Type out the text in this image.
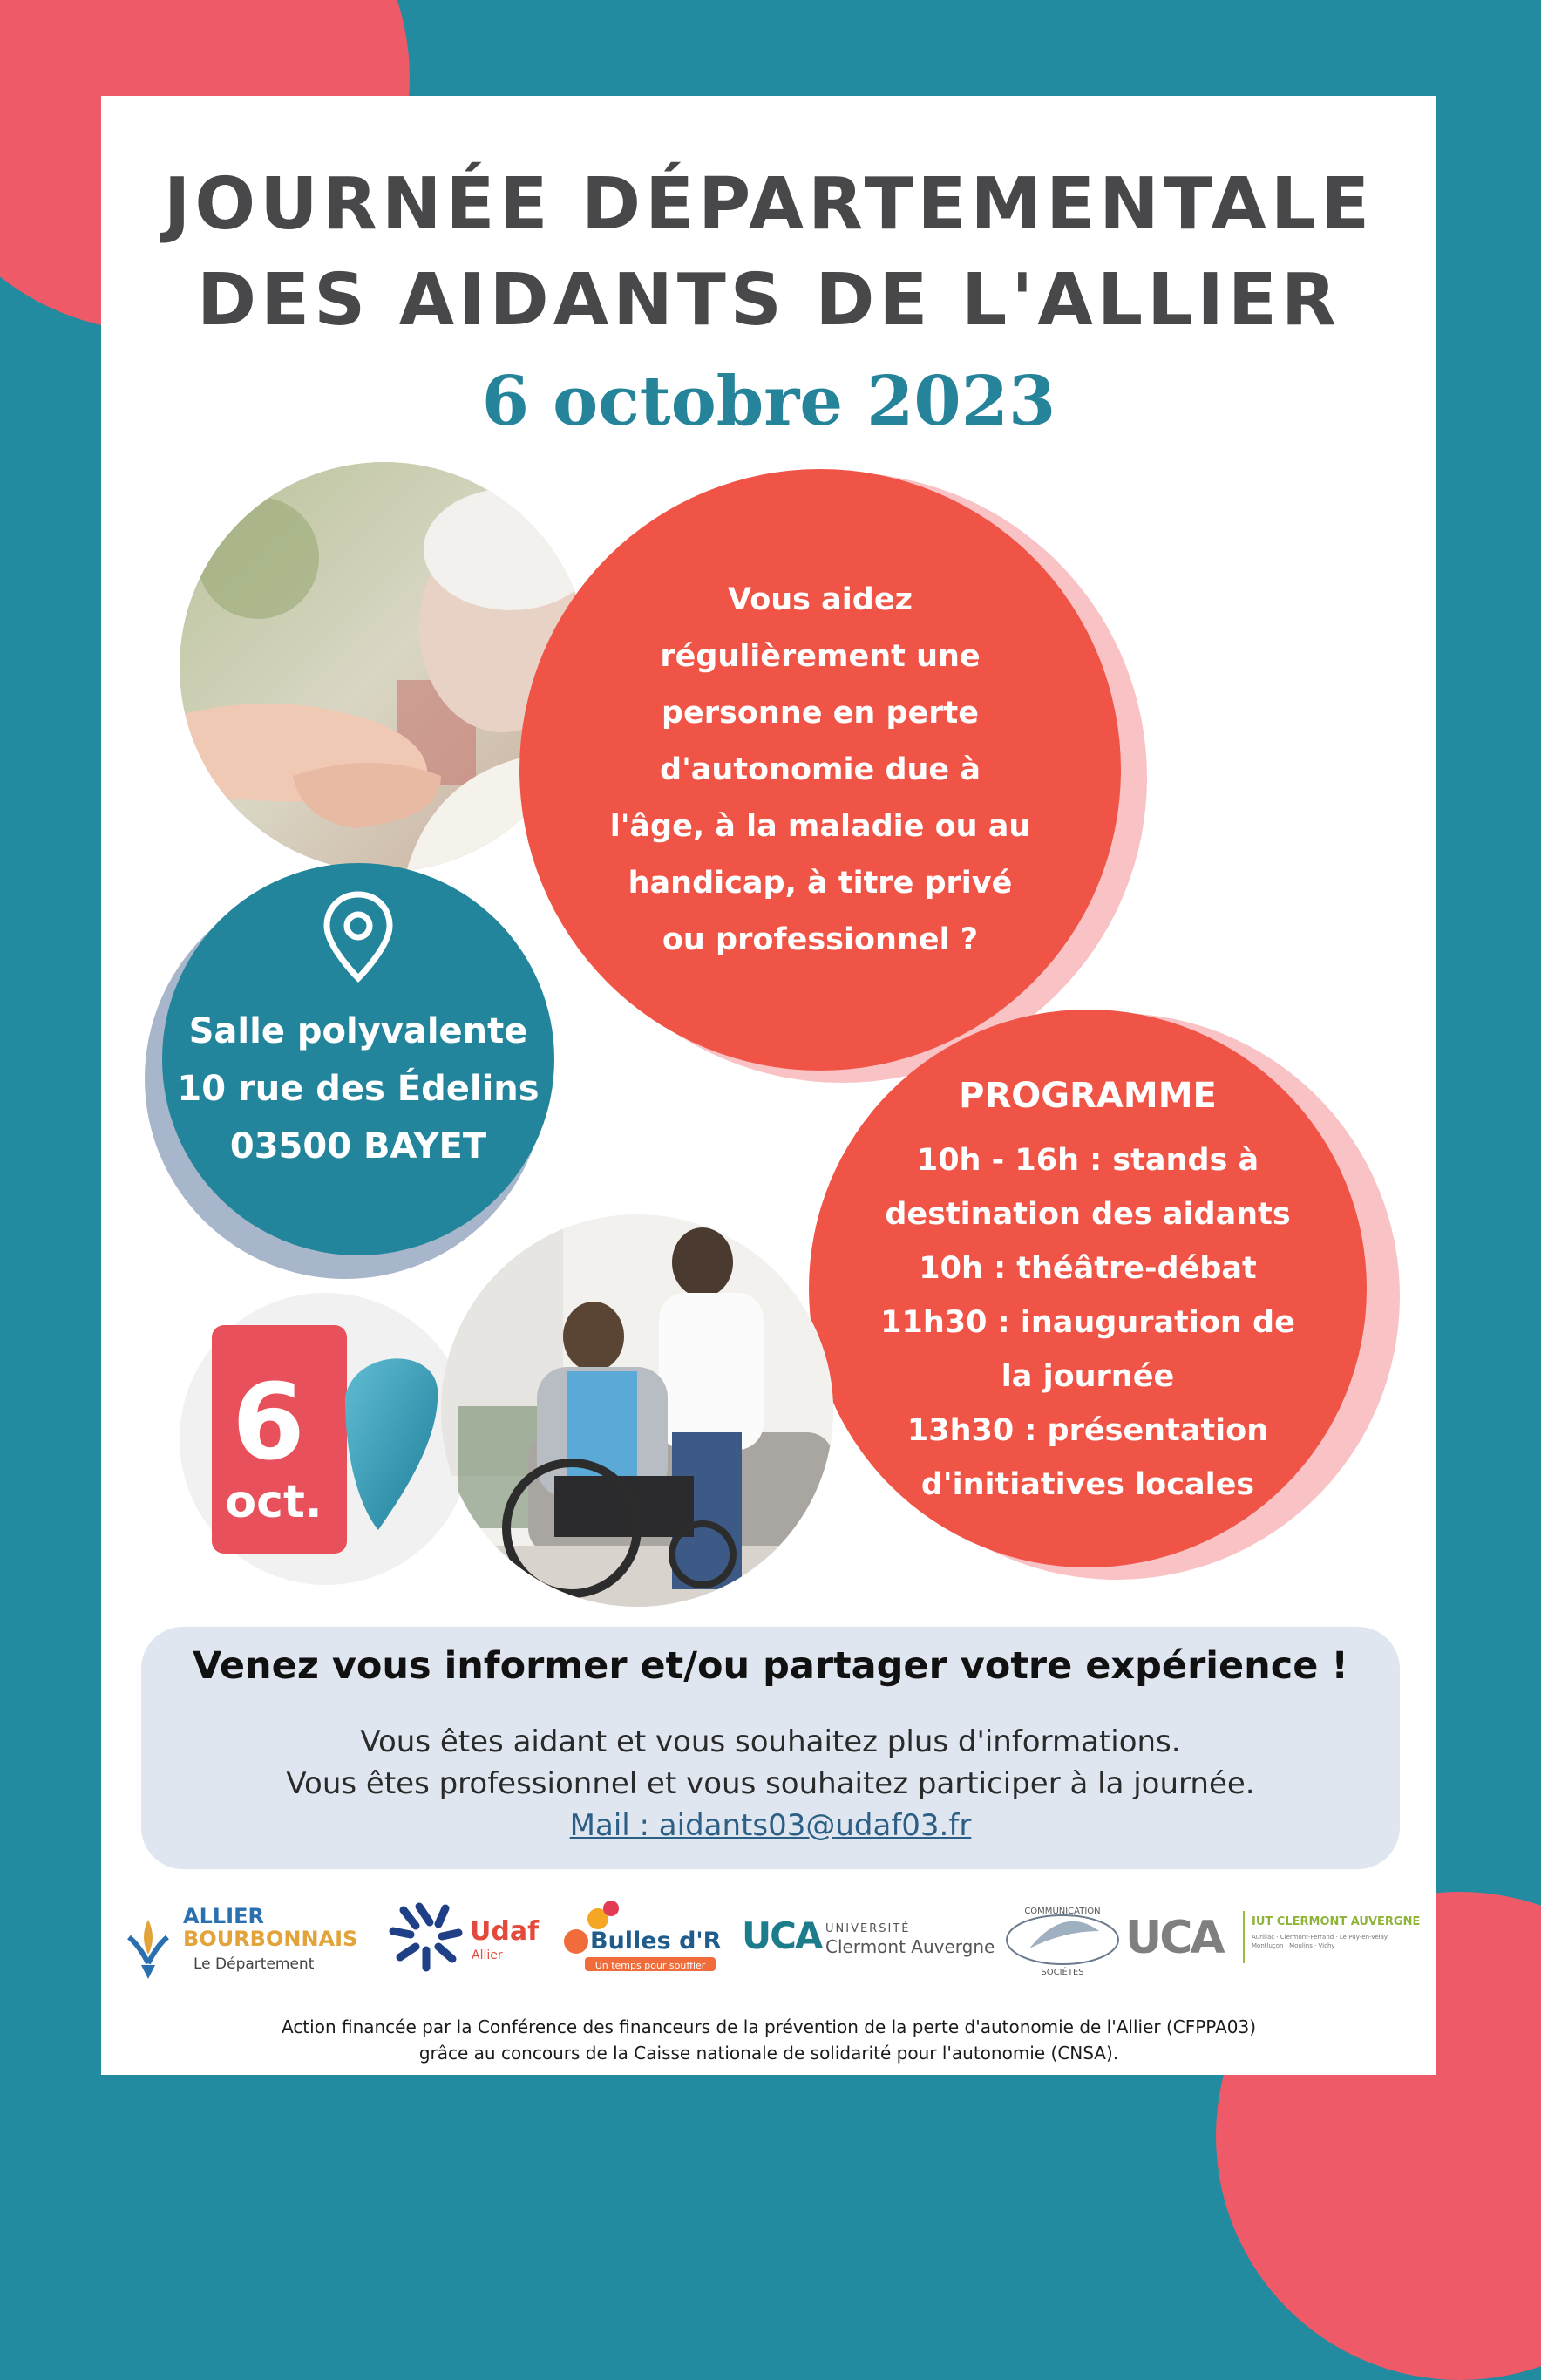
JOURNÉE DÉPARTEMENTALE
DES AIDANTS DE L'ALLIER
6 octobre 2023
Vous aidez
régulièrement une
personne en perte
d'autonomie due à
l'âge, à la maladie ou au
handicap, à titre privé
ou professionnel ?
Salle polyvalente
10 rue des Édelins
03500 BAYET
PROGRAMME
10h - 16h : stands à
destination des aidants
10h : théâtre-débat
11h30 : inauguration de
la journée
13h30 : présentation
d'initiatives locales
6
oct.
Venez vous informer et/ou partager votre expérience !
Vous êtes aidant et vous souhaitez plus d'informations.
Vous êtes professionnel et vous souhaitez participer à la journée.
Mail : aidants03@udaf03.fr
ALLIER
BOURBONNAIS
Le Département
Udaf
Allier
Bulles d'R
Un temps pour souffler
UCA UNIVERSITÉ
Clermont Auvergne
COMMUNICATION
SOCIÉTÉS
UCA	IUT CLERMONT AUVERGNE
Aurillac · Clermont-Ferrand · Le Puy-en-Velay
Montluçon · Moulins · Vichy
Action financée par la Conférence des financeurs de la prévention de la perte d'autonomie de l'Allier (CFPPA03)
grâce au concours de la Caisse nationale de solidarité pour l'autonomie (CNSA).
